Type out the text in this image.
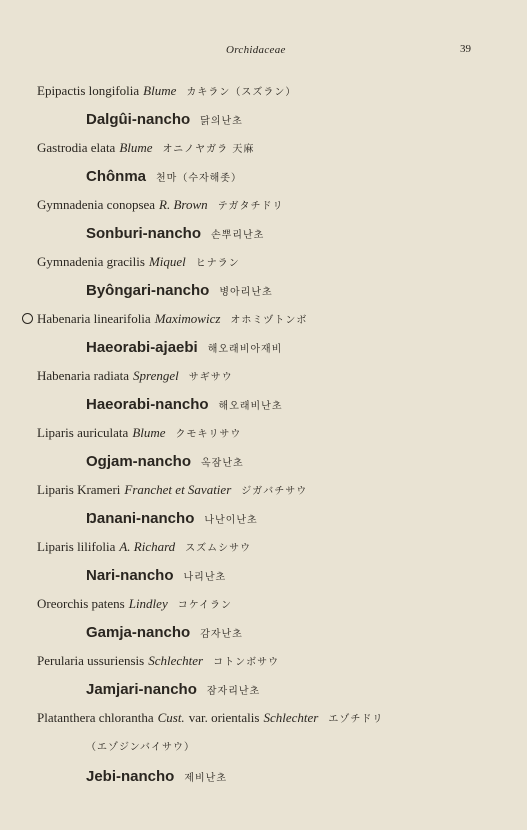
Orchidaceae	39
Epipactis longifolia Blume カキラン（スズラン）
Dalgûi-nancho 닭의난초
Gastrodia elata Blume オニノヤガラ 天麻
Chônma 천마（수자해좃）
Gymnadenia conopsea R. Brown テガタチドリ
Sonburi-nancho 손뿌리난초
Gymnadenia gracilis Miquel ヒナラン
Byôngari-nancho 병아리난초
Habenaria linearifolia Maximowicz オホミヅトンボ
Haeorabi-ajaebi 해오래비아재비
Habenaria radiata Sprengel サギサウ
Haeorabi-nancho 해오래비난초
Liparis auriculata Blume クモキリサウ
Ogjam-nancho 옥잠난초
Liparis Krameri Franchet et Savatier ジガバチサウ
Ŋanani-nancho 나난이난초
Liparis lilifolia A. Richard スズムシサウ
Nari-nancho 나리난초
Oreorchis patens Lindley コケイラン
Gamja-nancho 감자난초
Perularia ussuriensis Schlechter コトンボサウ
Jamjari-nancho 잠자리난초
Platanthera chlorantha Cust. var. orientalis Schlechter エゾチドリ
（エゾジンバイサウ）
Jebi-nancho 제비난초
